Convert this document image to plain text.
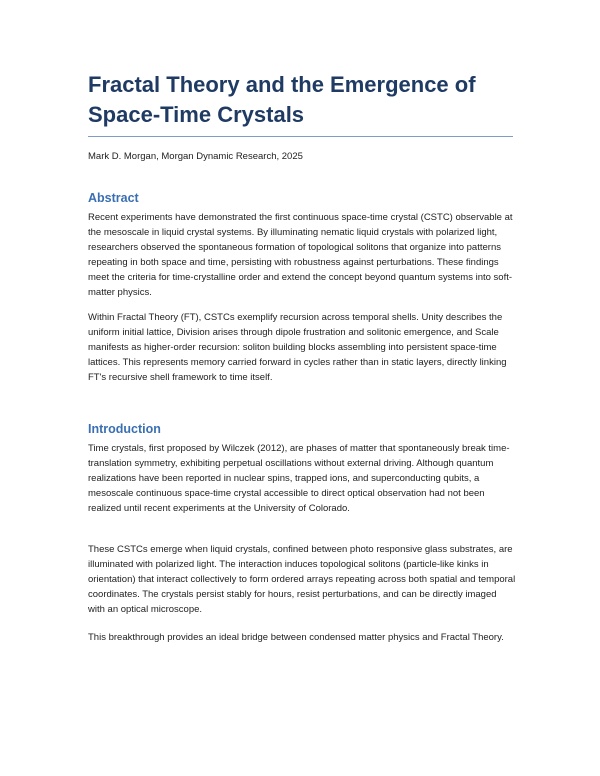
Fractal Theory and the Emergence of Space-Time Crystals
Mark D. Morgan, Morgan Dynamic Research, 2025
Abstract

Recent experiments have demonstrated the first continuous space-time crystal (CSTC) observable at the mesoscale in liquid crystal systems. By illuminating nematic liquid crystals with polarized light, researchers observed the spontaneous formation of topological solitons that organize into patterns repeating in both space and time, persisting with robustness against perturbations. These findings meet the criteria for time-crystalline order and extend the concept beyond quantum systems into soft-matter physics.

Within Fractal Theory (FT), CSTCs exemplify recursion across temporal shells. Unity describes the uniform initial lattice, Division arises through dipole frustration and solitonic emergence, and Scale manifests as higher-order recursion: soliton building blocks assembling into persistent space-time lattices. This represents memory carried forward in cycles rather than in static layers, directly linking FT's recursive shell framework to time itself.

Introduction

Time crystals, first proposed by Wilczek (2012), are phases of matter that spontaneously break time-translation symmetry, exhibiting perpetual oscillations without external driving. Although quantum realizations have been reported in nuclear spins, trapped ions, and superconducting qubits, a mesoscale continuous space-time crystal accessible to direct optical observation had not been realized until recent experiments at the University of Colorado.

These CSTCs emerge when liquid crystals, confined between photo responsive glass substrates, are illuminated with polarized light. The interaction induces topological solitons (particle-like kinks in orientation) that interact collectively to form ordered arrays repeating across both spatial and temporal coordinates. The crystals persist stably for hours, resist perturbations, and can be directly imaged with an optical microscope.

This breakthrough provides an ideal bridge between condensed matter physics and Fractal Theory.
